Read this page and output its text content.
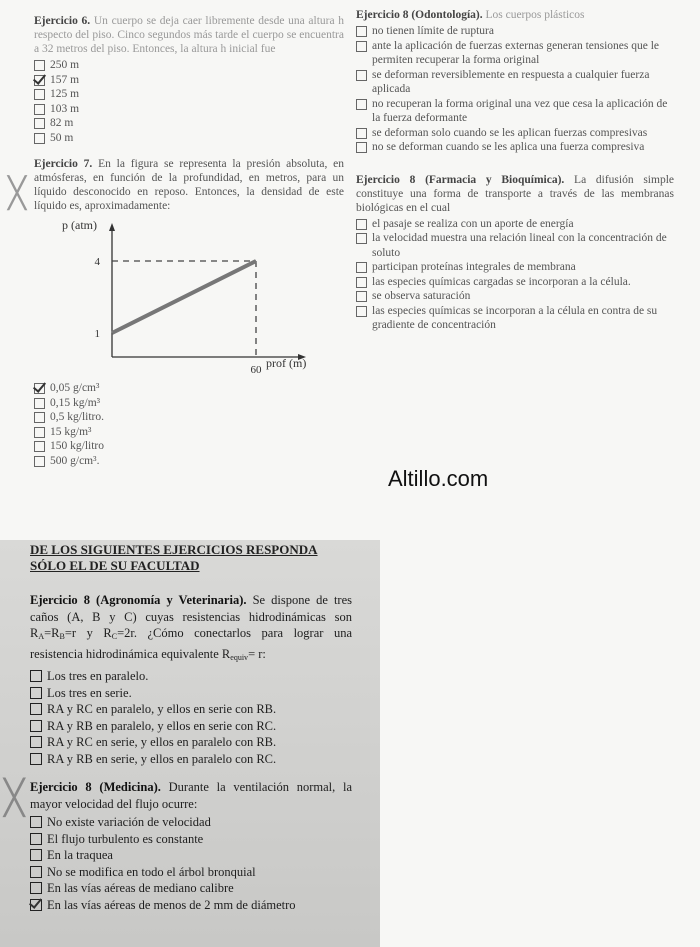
Ejercicio 6. Un cuerpo se deja caer libremente desde una altura h respecto del piso. Cinco segundos más tarde el cuerpo se encuentra a 32 metros del piso. Entonces, la altura h inicial fue
250 m
157 m
125 m
103 m
82 m
50 m
Ejercicio 7. En la figura se representa la presión absoluta, en atmósferas, en función de la profundidad, en metros, para un líquido desconocido en reposo. Entonces, la densidad de este líquido es, aproximadamente:
1
4
60
p (atm)
prof (m)
0,05 g/cm³
0,15 kg/m³
0,5 kg/litro.
15 kg/m³
150 kg/litro
500 g/cm³.
DE LOS SIGUIENTES EJERCICIOS RESPONDA
SÓLO EL DE SU FACULTAD
Ejercicio 8 (Agronomía y Veterinaria). Se dispone de tres caños (A, B y C) cuyas resistencias hidrodinámicas son $R_A=R_B=r$ y $R_C=2r$. ¿Cómo conectarlos para lograr una resistencia hidrodinámica equivalente $R_{equiv}= r$:
Los tres en paralelo.
Los tres en serie.
RA y RC en paralelo, y ellos en serie con RB.
RA y RB en paralelo, y ellos en serie con RC.
RA y RC en serie, y ellos en paralelo con RB.
RA y RB en serie, y ellos en paralelo con RC.
Ejercicio 8 (Medicina). Durante la ventilación normal, la mayor velocidad del flujo ocurre:
No existe variación de velocidad
El flujo turbulento es constante
En la traquea
No se modifica en todo el árbol bronquial
En las vías aéreas de mediano calibre
En las vías aéreas de menos de 2 mm de diámetro
Ejercicio 8 (Odontología). Los cuerpos plásticos
no tienen límite de ruptura
ante la aplicación de fuerzas externas generan tensiones que le permiten recuperar la forma original
se deforman reversiblemente en respuesta a cualquier fuerza aplicada
no recuperan la forma original una vez que cesa la aplicación de la fuerza deformante
se deforman solo cuando se les aplican fuerzas compresivas
no se deforman cuando se les aplica una fuerza compresiva
Ejercicio 8 (Farmacia y Bioquímica). La difusión simple constituye una forma de transporte a través de las membranas biológicas en el cual
el pasaje se realiza con un aporte de energía
la velocidad muestra una relación lineal con la concentración de soluto
participan proteínas integrales de membrana
las especies químicas cargadas se incorporan a la célula.
se observa saturación
las especies químicas se incorporan a la célula en contra de su gradiente de concentración
Altillo.com
╳
╳
